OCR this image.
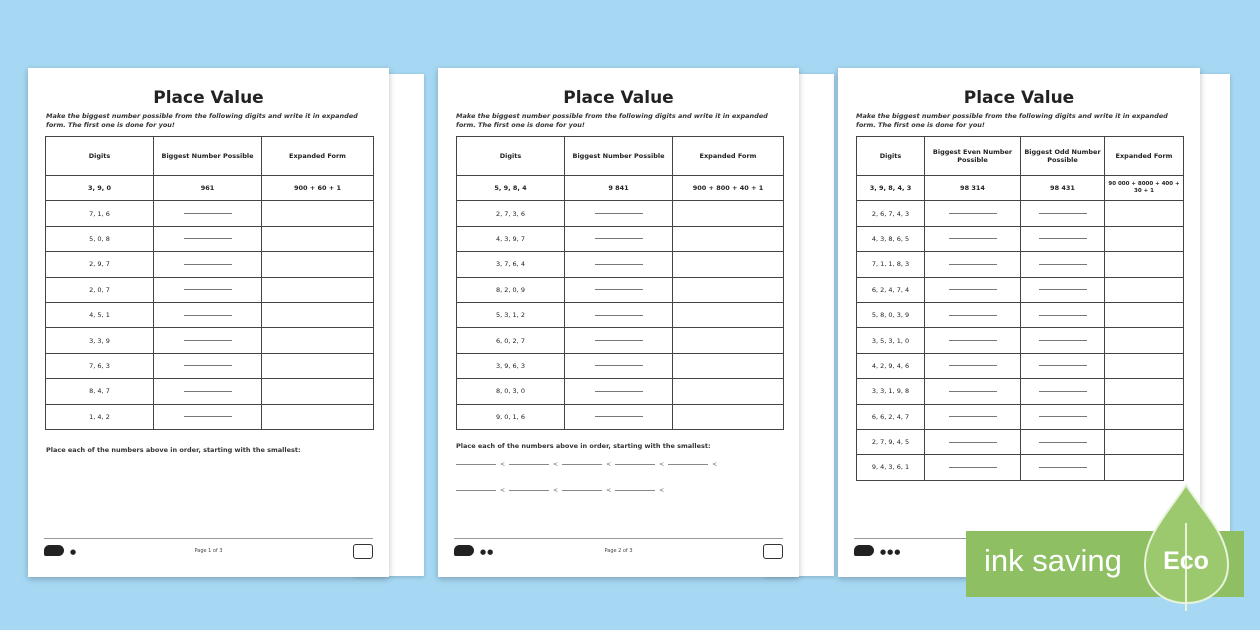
Place Value
Make the biggest number possible from the following digits and write it in expanded form. The first one is done for you!
Digits	Biggest Number Possible	Expanded Form
3, 9, 0	961	900 + 60 + 1
7, 1, 6		
5, 0, 8		
2, 9, 7		
2, 0, 7		
4, 5, 1		
3, 3, 9		
7, 6, 3		
8, 4, 7		
1, 4, 2		
Place each of the numbers above in order, starting with the smallest:
●	Page 1 of 3
Place Value
Make the biggest number possible from the following digits and write it in expanded form. The first one is done for you!
Digits	Biggest Number Possible	Expanded Form
5, 9, 8, 4	9 841	900 + 800 + 40 + 1
2, 7, 3, 6		
4, 3, 9, 7		
3, 7, 6, 4		
8, 2, 0, 9		
5, 3, 1, 2		
6, 0, 2, 7		
3, 9, 6, 3		
8, 0, 3, 0		
9, 0, 1, 6		
Place each of the numbers above in order, starting with the smallest:
<	<	<	<	<
<	<	<	<
●●	Page 2 of 3
Place Value
Make the biggest number possible from the following digits and write it in expanded form. The first one is done for you!
Digits	Biggest Even Number Possible	Biggest Odd Number Possible	Expanded Form
3, 9, 8, 4, 3	98 314	98 431	90 000 + 8000 + 400 + 30 + 1
2, 6, 7, 4, 3			
4, 3, 8, 6, 5			
7, 1, 1, 8, 3			
6, 2, 4, 7, 4			
5, 8, 0, 3, 9			
3, 5, 3, 1, 0			
4, 2, 9, 4, 6			
3, 3, 1, 9, 8			
6, 6, 2, 4, 7			
2, 7, 9, 4, 5			
9, 4, 3, 6, 1			
●●●	ink saving Eco
